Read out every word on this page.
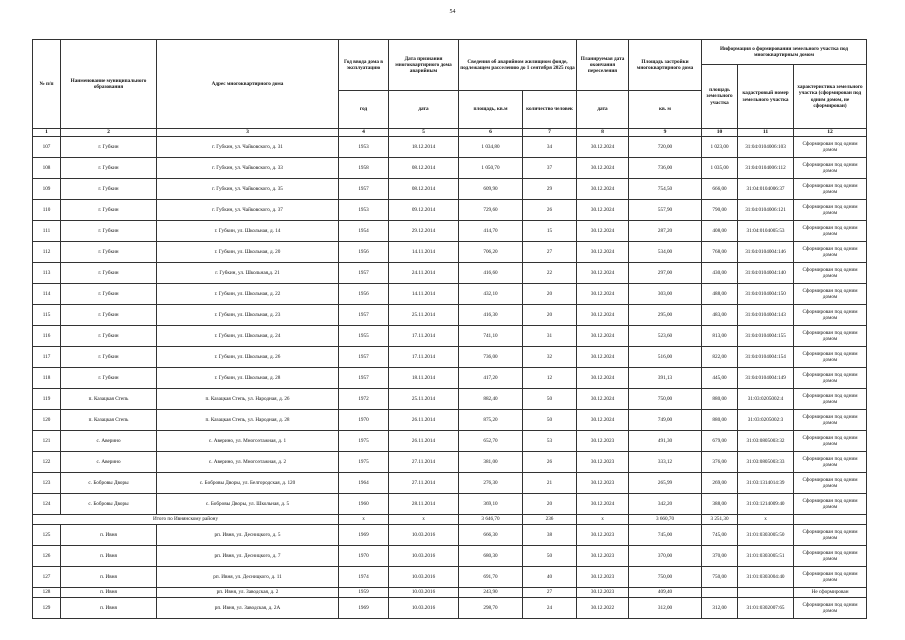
54
№ п/п	Наименование муниципального образования	Адрес многоквартирного дома	Год ввода дома в эксплуатацию	Дата признания многоквартирного дома аварийным	Сведения об аварийном жилищном фонде, подлежащем расселению до 1 сентября 2025 года		Планируемая дата окончания переселения	Площадь застройки многоквартирного дома	Информация о формировании земельного участка под многоквартирным домом		
									площадь земельного участка	кадастровый номер земельного участка	характеристика земельного участка (сформирован под одним домом, не сформирован)
			год	дата	площадь, кв.м	количество человек	дата	кв. м			
1	2	3	4	5	6	7	8	9	10	11	12
107	г. Губкин	г. Губкин, ул. Чайковского, д. 31	1953	18.12.2014	1 034,80	34	30.12.2024	720,00	1 023,00	31:04:0104006:103	Сформирован под одним домом
108	г. Губкин	г. Губкин, ул. Чайковского, д. 33	1958	08.12.2014	1 050,70	37	30.12.2024	736,00	1 035,00	31:04:0104006:112	Сформирован под одним домом
109	г. Губкин	г. Губкин, ул. Чайковского, д. 35	1957	08.12.2014	609,90	29	30.12.2024	754,50	666,00	31:04:0104006:37	Сформирован под одним домом
110	г. Губкин	г. Губкин, ул. Чайковского, д. 37	1953	09.12.2014	729,60	26	30.12.2024	557,90	790,00	31:04:0104006:121	Сформирован под одним домом
111	г. Губкин	г. Губкин, ул. Школьная, д. 14	1954	29.12.2014	414,70	15	30.12.2024	287,20	408,00	31:04:0104005:53	Сформирован под одним домом
112	г. Губкин	г. Губкин, ул. Школьная, д. 20	1956	14.11.2014	706,20	27	30.12.2024	534,00	768,00	31:04:0104004:146	Сформирован под одним домом
113	г. Губкин	г. Губкин, ул. Школьная,д. 21	1957	24.11.2014	416,60	22	30.12.2024	297,00	430,00	31:04:0104004:140	Сформирован под одним домом
114	г. Губкин	г. Губкин, ул. Школьная, д. 22	1956	14.11.2014	432,10	20	30.12.2024	303,00	488,00	31:04:0104004:150	Сформирован под одним домом
115	г. Губкин	г. Губкин, ул. Школьная, д. 23	1957	25.11.2014	416,30	20	30.12.2024	295,00	483,00	31:04:0104004:143	Сформирован под одним домом
116	г. Губкин	г. Губкин, ул. Школьная, д. 24	1955	17.11.2014	741,10	31	30.12.2024	523,60	813,00	31:04:0104004:155	Сформирован под одним домом
117	г. Губкин	г. Губкин, ул. Школьная, д. 26	1957	17.11.2014	736,00	32	30.12.2024	516,00	822,00	31:04:0104004:154	Сформирован под одним домом
118	г. Губкин	г. Губкин, ул. Школьная, д. 28	1957	18.11.2014	417,20	12	30.12.2024	391,13	445,00	31:04:0104004:149	Сформирован под одним домом
119	п. Казацкая Степь	п. Казацкая Степь, ул. Народная, д. 26	1972	25.11.2014	882,40	50	30.12.2024	750,00	880,00	31:03:0205002:4	Сформирован под одним домом
120	п. Казацкая Степь	п. Казацкая Степь, ул. Народная, д. 28	1970	26.11.2014	875,20	50	30.12.2024	749,00	880,00	31:03:0205002:3	Сформирован под одним домом
121	с. Аверино	с. Аверино, ул. Многоэтажная, д. 1	1975	26.11.2014	652,70	53	30.12.2023	491,30	679,00	31:03:0805003:32	Сформирован под одним домом
122	с. Аверино	с. Аверино, ул. Многоэтажная, д. 2	1975	27.11.2014	381,00	26	30.12.2023	333,12	376,00	31:03:0805003:33	Сформирован под одним домом
123	с. Бобровы Дворы	с. Бобровы Дворы, ул. Белгородская, д. 120	1964	27.11.2014	276,30	21	30.12.2023	265,99	269,00	31:03:1314014:39	Сформирован под одним домом
124	с. Бобровы Дворы	с. Бобровы Дворы, ул. Школьная, д. 5	1960	28.11.2014	369,10	20	30.12.2024	342,20	388,00	31:03:1214009:40	Сформирован под одним домом
Итого по Ивнянскому району			x	x	3 646,70	236	x	3 660,70	3 251,30	x	
125	п. Ивня	рп. Ивня, ул. Десницкого, д. 5	1969	10.03.2016	666,30	38	30.12.2023	745,00	745,00	31:01:0303005:50	Сформирован под одним домом
126	п. Ивня	рп. Ивня, ул. Десницкого, д. 7	1970	10.03.2016	680,30	50	30.12.2023	370,00	370,00	31:01:0303005:51	Сформирован под одним домом
127	п. Ивня	рп. Ивня, ул. Десницкого, д. 11	1974	10.03.2016	691,70	40	30.12.2023	750,00	750,00	31:01:0303004:40	Сформирован под одним домом
128	п. Ивня	рп. Ивня, ул. Заводская, д. 2	1959	10.03.2016	243,90	27	30.12.2023	409,40			Не сформирован
129	п. Ивня	рп. Ивня, ул. Заводская, д. 2А	1969	10.03.2016	298,70	24	30.12.2022	312,00	312,00	31:01:0302007:65	Сформирован под одним домом
